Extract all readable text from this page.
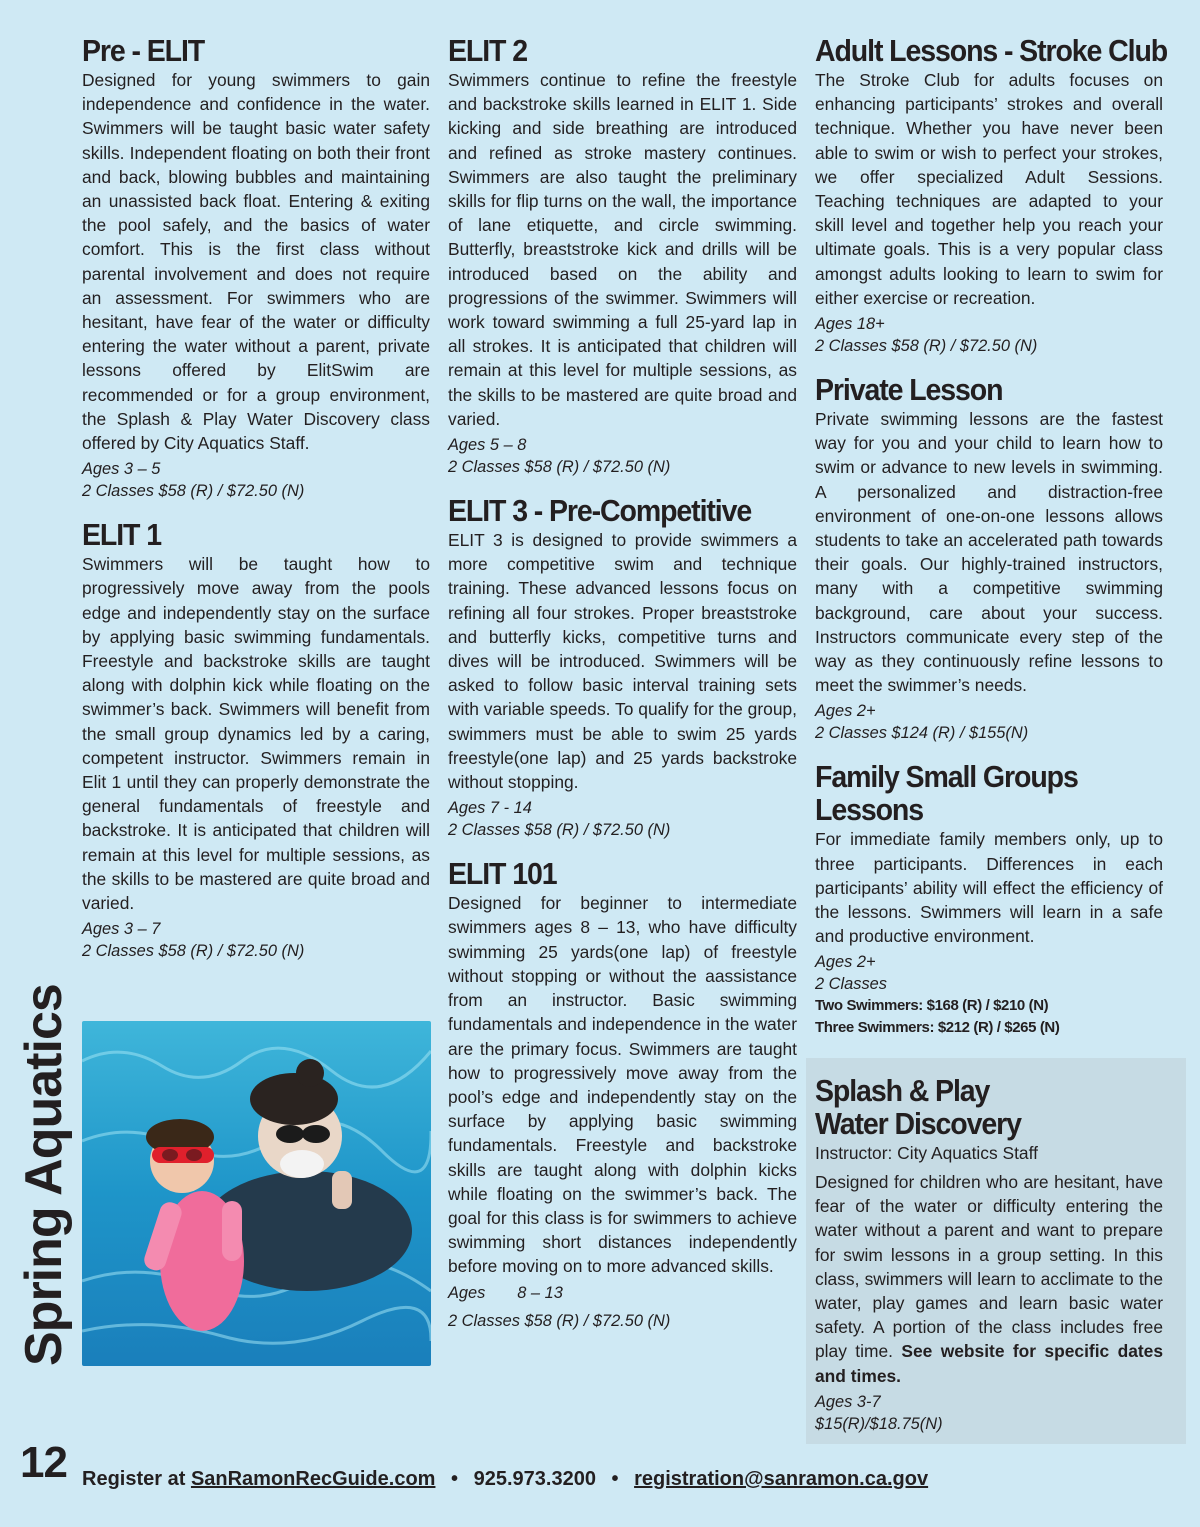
Spring Aquatics
Pre - ELIT

Designed for young swimmers to gain independence and confidence in the water. Swimmers will be taught basic water safety skills. Independent floating on both their front and back, blowing bubbles and maintaining an unassisted back float. Entering & exiting the pool safely, and the basics of water comfort. This is the first class without parental involvement and does not require an assessment. For swimmers who are hesitant, have fear of the water or difficulty entering the water without a parent, private lessons offered by ElitSwim are recommended or for a group environment, the Splash & Play Water Discovery class offered by City Aquatics Staff.

Ages 3 – 5
2 Classes $58 (R) / $72.50 (N)
ELIT 1

Swimmers will be taught how to progressively move away from the pools edge and independently stay on the surface by applying basic swimming fundamentals. Freestyle and backstroke skills are taught along with dolphin kick while floating on the swimmer’s back. Swimmers will benefit from the small group dynamics led by a caring, competent instructor. Swimmers remain in Elit 1 until they can properly demonstrate the general fundamentals of freestyle and backstroke. It is anticipated that children will remain at this level for multiple sessions, as the skills to be mastered are quite broad and varied.

Ages 3 – 7
2 Classes $58 (R) / $72.50 (N)
ELIT 2

Swimmers continue to refine the freestyle and backstroke skills learned in ELIT 1. Side kicking and side breathing are introduced and refined as stroke mastery continues. Swimmers are also taught the preliminary skills for flip turns on the wall, the importance of lane etiquette, and circle swimming. Butterfly, breaststroke kick and drills will be introduced based on the ability and progressions of the swimmer. Swimmers will work toward swimming a full 25-yard lap in all strokes. It is anticipated that children will remain at this level for multiple sessions, as the skills to be mastered are quite broad and varied.

Ages 5 – 8
2 Classes $58 (R) / $72.50 (N)
ELIT 3 - Pre-Competitive

ELIT 3 is designed to provide swimmers a more competitive swim and technique training. These advanced lessons focus on refining all four strokes. Proper breaststroke and butterfly kicks, competitive turns and dives will be introduced. Swimmers will be asked to follow basic interval training sets with variable speeds. To qualify for the group, swimmers must be able to swim 25 yards freestyle(one lap) and 25 yards backstroke without stopping.

Ages 7 - 14
2 Classes $58 (R) / $72.50 (N)
ELIT 101

Designed for beginner to intermediate swimmers ages 8 – 13, who have difficulty swimming 25 yards(one lap) of freestyle without stopping or without the aassistance from an instructor. Basic swimming fundamentals and independence in the water are the primary focus. Swimmers are taught how to progressively move away from the pool’s edge and independently stay on the surface by applying basic swimming fundamentals. Freestyle and backstroke skills are taught along with dolphin kicks while floating on the swimmer’s back. The goal for this class is for swimmers to achieve swimming short distances independently before moving on to more advanced skills.

Ages       8 – 13
2 Classes $58 (R) / $72.50 (N)
Adult Lessons - Stroke Club

The Stroke Club for adults focuses on enhancing participants’ strokes and overall technique. Whether you have never been able to swim or wish to perfect your strokes, we offer specialized Adult Sessions. Teaching techniques are adapted to your skill level and together help you reach your ultimate goals. This is a very popular class amongst adults looking to learn to swim for either exercise or recreation.

Ages 18+
2 Classes $58 (R) / $72.50 (N)
Private Lesson

Private swimming lessons are the fastest way for you and your child to learn how to swim or advance to new levels in swimming. A personalized and distraction-free environment of one-on-one lessons allows students to take an accelerated path towards their goals. Our highly-trained instructors, many with a competitive swimming background, care about your success. Instructors communicate every step of the way as they continuously refine lessons to meet the swimmer’s needs.

Ages 2+
2 Classes $124 (R) / $155(N)
Family Small Groups
Lessons

For immediate family members only, up to three participants. Differences in each participants’ ability will effect the efficiency of the lessons. Swimmers will learn in a safe and productive environment.

Ages 2+
2 Classes
Two Swimmers: $168 (R) / $210 (N)
Three Swimmers: $212 (R) / $265 (N)
Splash & Play
Water Discovery
Instructor: City Aquatics Staff

Designed for children who are hesitant, have fear of the water or difficulty entering the water without a parent and want to prepare for swim lessons in a group setting. In this class, swimmers will learn to acclimate to the water, play games and learn basic water safety. A portion of the class includes free play time. See website for specific dates and times.

Ages 3-7
$15(R)/$18.75(N)
12 Register at SanRamonRecGuide.com • 925.973.3200 • registration@sanramon.ca.gov
